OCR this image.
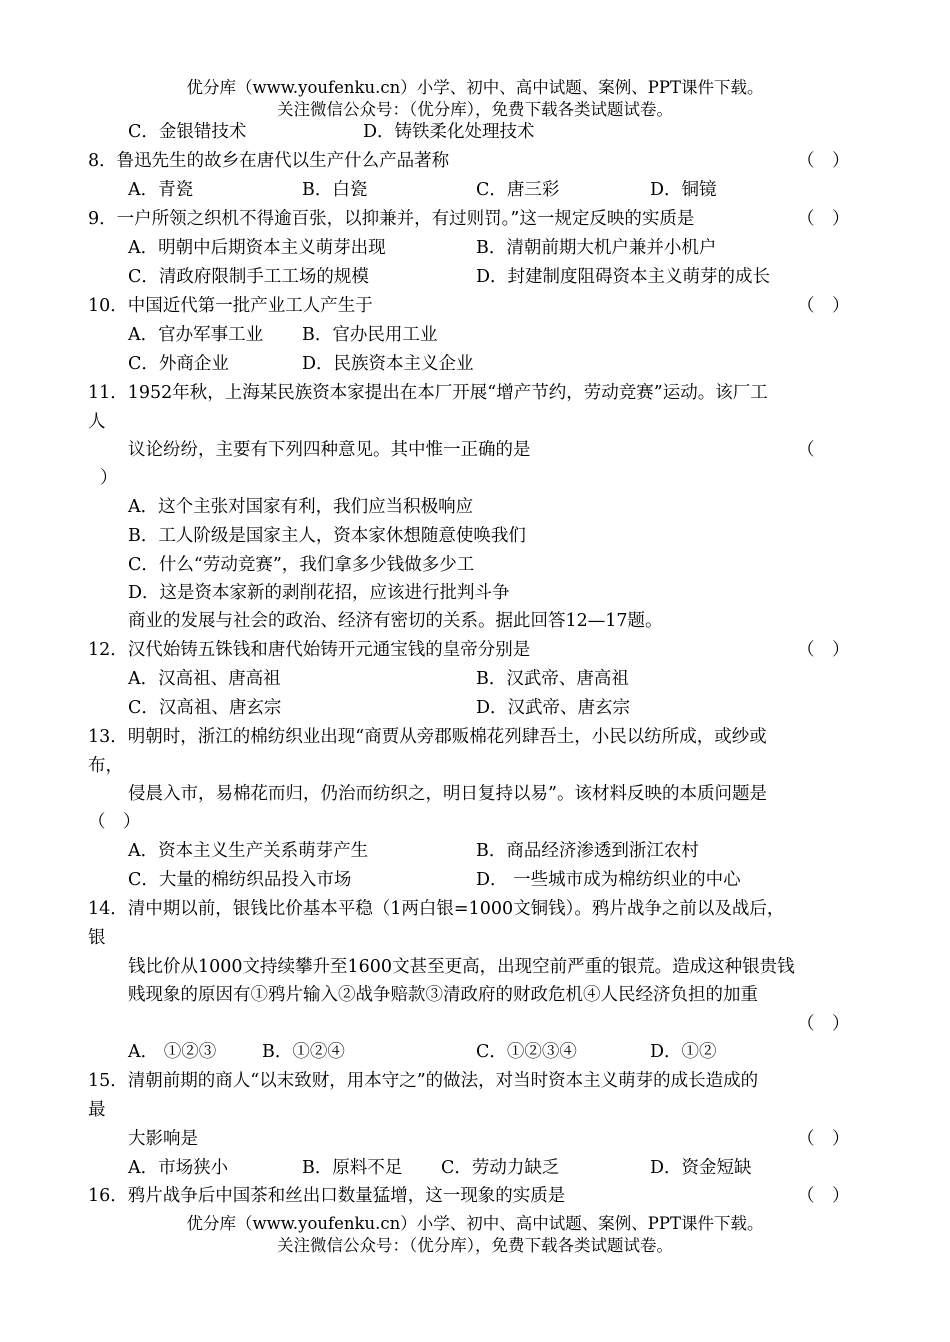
优分库（www.youfenku.cn）小学、初中、高中试题、案例、PPT课件下载。
关注微信公众号：（优分库），免费下载各类试题试卷。
C．金银错技术	D．铸铁柔化处理技术
8．鲁迅先生的故乡在唐代以生产什么产品著称	（　）
A．青瓷	B．白瓷	C．唐三彩	D．铜镜
9．一户所领之织机不得逾百张，以抑兼并，有过则罚。”这一规定反映的实质是	（　）
A．明朝中后期资本主义萌芽出现	B．清朝前期大机户兼并小机户
C．清政府限制手工工场的规模	D．封建制度阻碍资本主义萌芽的成长
10．中国近代第一批产业工人产生于	（　）
A．官办军事工业 B．官办民用工业
C．外商企业	D．民族资本主义企业
11．1952年秋，上海某民族资本家提出在本厂开展“增产节约，劳动竞赛”运动。该厂工
人
议论纷纷，主要有下列四种意见。其中惟一正确的是	（
）
A．这个主张对国家有利，我们应当积极响应
B．工人阶级是国家主人，资本家休想随意使唤我们
C．什么“劳动竞赛”，我们拿多少钱做多少工
D．这是资本家新的剥削花招，应该进行批判斗争
商业的发展与社会的政治、经济有密切的关系。据此回答12—17题。
12．汉代始铸五铢钱和唐代始铸开元通宝钱的皇帝分别是	（　）
A．汉高祖、唐高祖	B．汉武帝、唐高祖
C．汉高祖、唐玄宗	D．汉武帝、唐玄宗
13．明朝时，浙江的棉纺织业出现“商贾从旁郡贩棉花列肆吾土，小民以纺所成，或纱或
布，
侵晨入市，易棉花而归，仍治而纺织之，明日复持以易”。该材料反映的本质问题是
（　）
A．资本主义生产关系萌芽产生	B．商品经济渗透到浙江农村
C．大量的棉纺织品投入市场	D． 一些城市成为棉纺织业的中心
14．清中期以前，银钱比价基本平稳（1两白银=1000文铜钱）。鸦片战争之前以及战后，
银
钱比价从1000文持续攀升至1600文甚至更高，出现空前严重的银荒。造成这种银贵钱
贱现象的原因有①鸦片输入②战争赔款③清政府的财政危机④人民经济负担的加重
（　）
A． ①②③	B．①②④	C．①②③④	D．①②
15．清朝前期的商人“以末致财，用本守之”的做法，对当时资本主义萌芽的成长造成的
最
大影响是	（　）
A．市场狭小	B．原料不足 C．劳动力缺乏	D．资金短缺
16．鸦片战争后中国茶和丝出口数量猛增，这一现象的实质是	（　）
优分库（www.youfenku.cn）小学、初中、高中试题、案例、PPT课件下载。
关注微信公众号：（优分库），免费下载各类试题试卷。
